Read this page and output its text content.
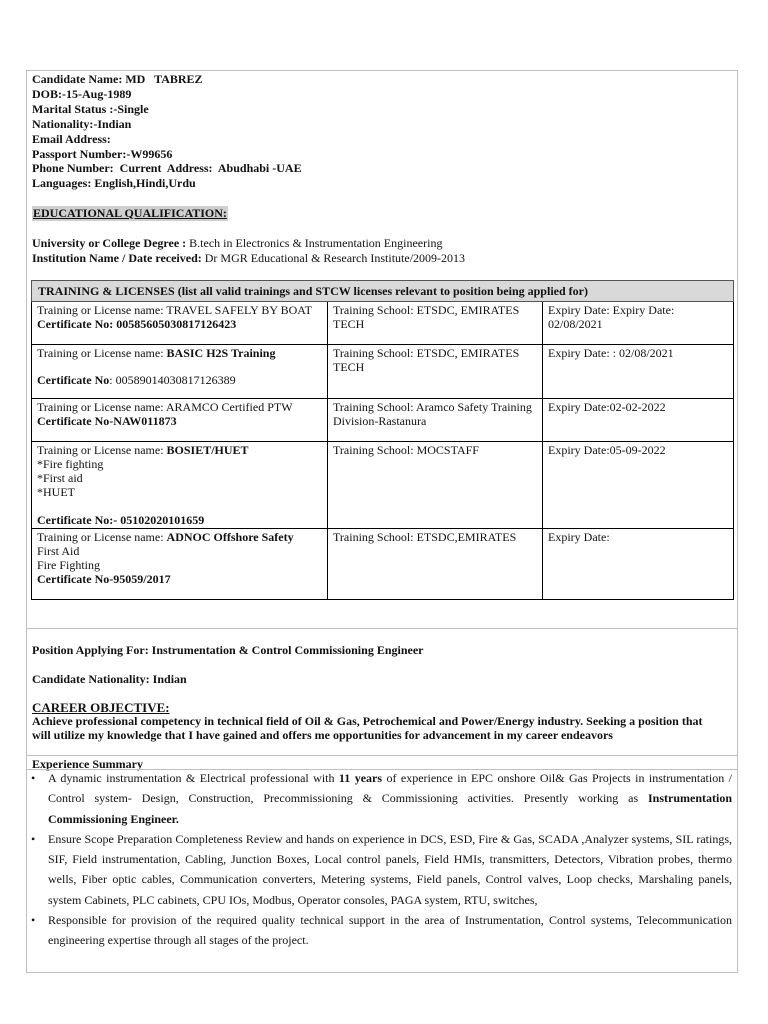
Candidate Name: MD   TABREZ
DOB:-15-Aug-1989
Marital Status :-Single
Nationality:-Indian
Email Address:
Passport Number:-W99656
Phone Number:  Current  Address:  Abudhabi -UAE
Languages: English,Hindi,Urdu
EDUCATIONAL QUALIFICATION:
University or College Degree : B.tech in Electronics & Instrumentation Engineering
Institution Name / Date received: Dr MGR Educational & Research Institute/2009-2013
TRAINING & LICENSES (list all valid trainings and STCW licenses relevant to position being applied for)		
Training or License name: TRAVEL SAFELY BY BOAT
Certificate No: 00585605030817126423	Training School: ETSDC, EMIRATES TECH	Expiry Date: Expiry Date: 02/08/2021
Training or License name: BASIC H2S Training
Certificate No: 00589014030817126389	Training School: ETSDC, EMIRATES TECH	Expiry Date: : 02/08/2021
Training or License name: ARAMCO Certified PTW
Certificate No-NAW011873	Training School: Aramco Safety Training Division-Rastanura	Expiry Date:02-02-2022
Training or License name: BOSIET/HUET
*Fire fighting
*First aid
*HUET
Certificate No:- 05102020101659	Training School: MOCSTAFF	Expiry Date:05-09-2022
Training or License name: ADNOC Offshore Safety
First Aid
Fire Fighting
Certificate No-95059/2017	Training School: ETSDC,EMIRATES	Expiry Date:
Position Applying For: Instrumentation & Control Commissioning Engineer
Candidate Nationality: Indian
CAREER OBJECTIVE:
Achieve professional competency in technical field of Oil & Gas, Petrochemical and Power/Energy industry. Seeking a position that will utilize my knowledge that I have gained and offers me opportunities for advancement in my career endeavors
Experience Summary
• A dynamic instrumentation & Electrical professional with 11 years of experience in EPC onshore Oil& Gas Projects in instrumentation / Control system- Design, Construction, Precommissioning & Commissioning activities. Presently working as Instrumentation Commissioning Engineer.
• Ensure Scope Preparation Completeness Review and hands on experience in DCS, ESD, Fire & Gas, SCADA ,Analyzer systems, SIL ratings, SIF, Field instrumentation, Cabling, Junction Boxes, Local control panels, Field HMIs, transmitters, Detectors, Vibration probes, thermo wells, Fiber optic cables, Communication converters, Metering systems, Field panels, Control valves, Loop checks, Marshaling panels, system Cabinets, PLC cabinets, CPU IOs, Modbus, Operator consoles, PAGA system, RTU, switches,
• Responsible for provision of the required quality technical support in the area of Instrumentation, Control systems, Telecommunication engineering expertise through all stages of the project.
